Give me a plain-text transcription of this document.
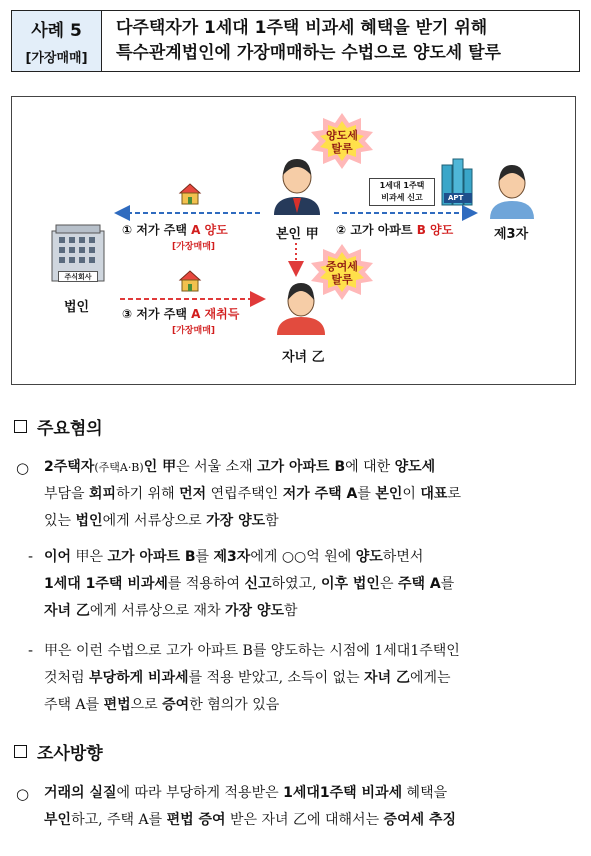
사례 5
[가장매매]
다주택자가 1세대 1주택 비과세 혜택을 받기 위해
특수관계법인에 가장매매하는 수법으로 양도세 탈루
양도세
탈루
증여세
탈루
1세대 1주택
비과세 신고	APT
주식회사
본인 甲
자녀 乙
법인
제3자
① 저가 주택 A 양도
[가장매매]
② 고가 아파트 B 양도
③ 저가 주택 A 재취득
[가장매매]
주요혐의
○ 2주택자(주택A·B)인 甲은 서울 소재 고가 아파트 B에 대한 양도세
부담을 회피하기 위해 먼저 연립주택인 저가 주택 A를 본인이 대표로
있는 법인에게 서류상으로 가장 양도함
- 이어 甲은 고가 아파트 B를 제3자에게 ○○억 원에 양도하면서
1세대 1주택 비과세를 적용하여 신고하였고, 이후 법인은 주택 A를
자녀 乙에게 서류상으로 재차 가장 양도함
- 甲은 이런 수법으로 고가 아파트 B를 양도하는 시점에 1세대1주택인
것처럼 부당하게 비과세를 적용 받았고, 소득이 없는 자녀 乙에게는
주택 A를 편법으로 증여한 혐의가 있음
조사방향
○ 거래의 실질에 따라 부당하게 적용받은 1세대1주택 비과세 혜택을
부인하고, 주택 A를 편법 증여 받은 자녀 乙에 대해서는 증여세 추징
